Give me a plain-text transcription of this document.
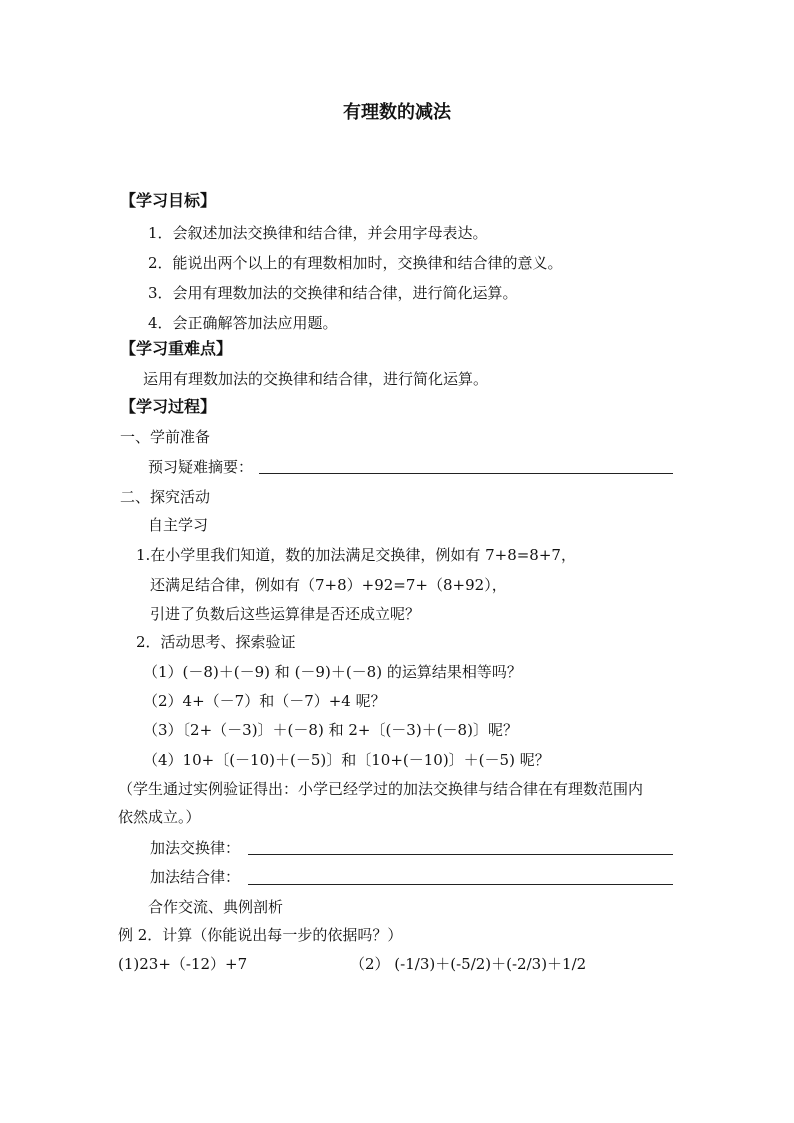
有理数的减法
【学习目标】
1．会叙述加法交换律和结合律，并会用字母表达。
2．能说出两个以上的有理数相加时，交换律和结合律的意义。
3．会用有理数加法的交换律和结合律，进行简化运算。
4．会正确解答加法应用题。
【学习重难点】
运用有理数加法的交换律和结合律，进行简化运算。
【学习过程】
一、学前准备
预习疑难摘要：
二、探究活动
自主学习
1.在小学里我们知道，数的加法满足交换律，例如有 7+8=8+7，
还满足结合律，例如有（7+8）+92=7+（8+92），
引进了负数后这些运算律是否还成立呢？
2．活动思考、探索验证
（1）(－8)＋(－9) 和 (－9)＋(－8) 的运算结果相等吗？
（2）4+（－7）和（－7）+4 呢？
（3）〔2+（－3)〕＋(－8) 和 2+〔(－3)＋(－8)〕呢？
（4）10+〔(－10)＋(－5)〕和〔10+(－10)〕＋(－5) 呢？
（学生通过实例验证得出：小学已经学过的加法交换律与结合律在有理数范围内
依然成立。）
加法交换律：
加法结合律：
合作交流、典例剖析
例 2．计算（你能说出每一步的依据吗？）
(1)23+（-12）+7	（2） (-1/3)＋(-5/2)＋(-2/3)＋1/2
